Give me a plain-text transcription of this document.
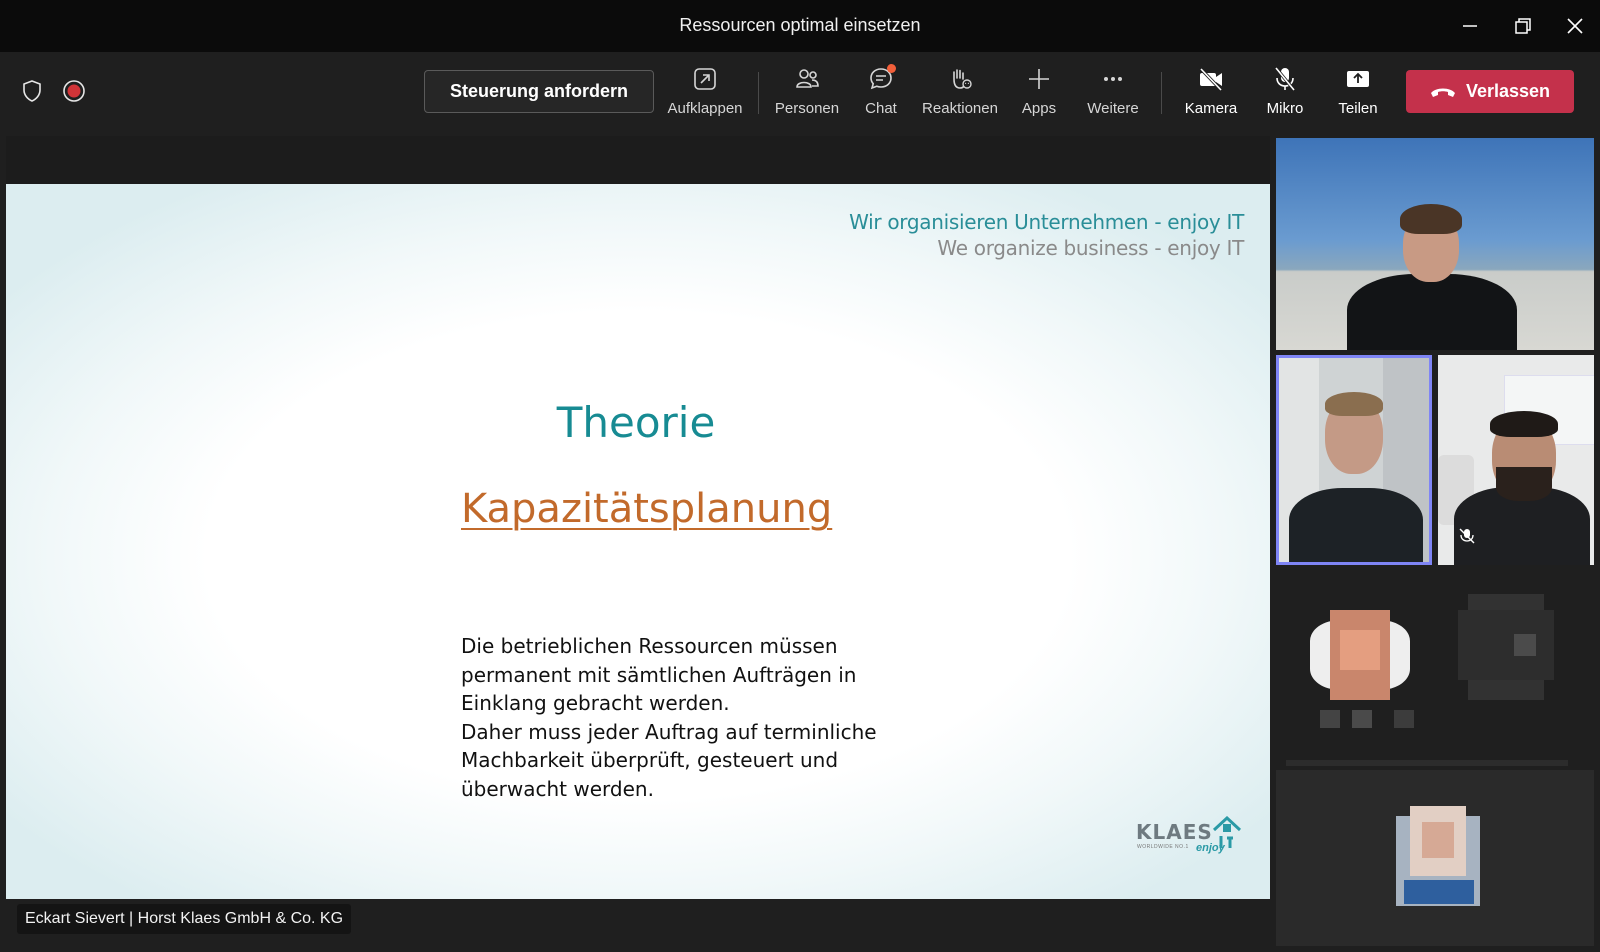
Ressourcen optimal einsetzen
Steuerung anfordern
Aufklappen Personen Chat Reaktionen Apps Weitere	Kamera Mikro Teilen
Verlassen
Wir organisieren Unternehmen - enjoy IT
We organize business - enjoy IT
Theorie
Kapazitätsplanung
Die betrieblichen Ressourcen müssen
permanent mit sämtlichen Aufträgen in
Einklang gebracht werden.
Daher muss jeder Auftrag auf terminliche
Machbarkeit überprüft, gesteuert und
überwacht werden.
KLAES
WORLDWIDE NO.1 enjoy
Eckart Sievert | Horst Klaes GmbH & Co. KG
